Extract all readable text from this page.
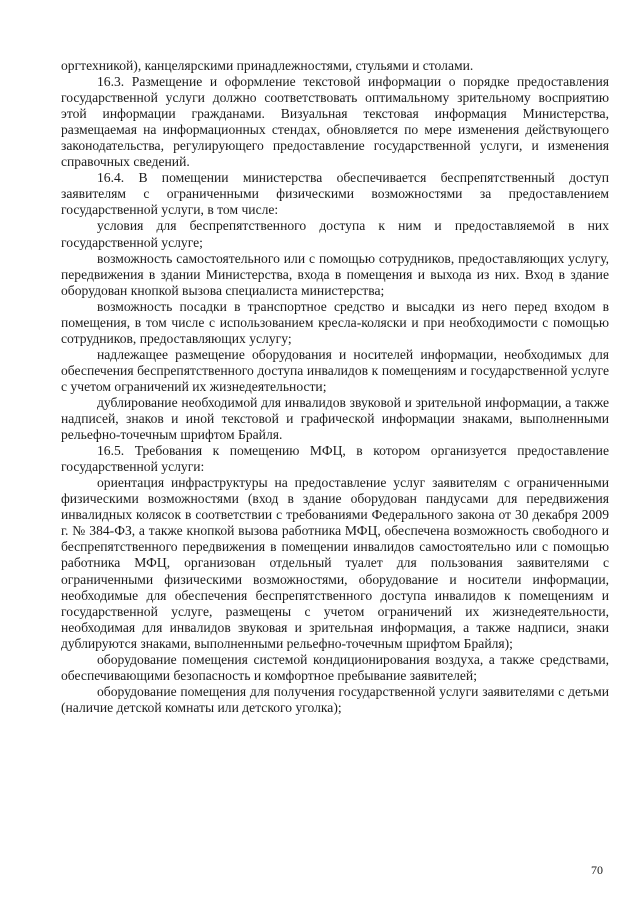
оргтехникой), канцелярскими принадлежностями, стульями и столами.

16.3. Размещение и оформление текстовой информации о порядке предоставления государственной услуги должно соответствовать оптимальному зрительному восприятию этой информации гражданами. Визуальная текстовая информация Министерства, размещаемая на информационных стендах, обновляется по мере изменения действующего законодательства, регулирующего предоставление государственной услуги, и изменения справочных сведений.

16.4. В помещении министерства обеспечивается беспрепятственный доступ заявителям с ограниченными физическими возможностями за предоставлением государственной услуги, в том числе:

условия для беспрепятственного доступа к ним и предоставляемой в них государственной услуге;

возможность самостоятельного или с помощью сотрудников, предоставляющих услугу, передвижения в здании Министерства, входа в помещения и выхода из них. Вход в здание оборудован кнопкой вызова специалиста министерства;

возможность посадки в транспортное средство и высадки из него перед входом в помещения, в том числе с использованием кресла-коляски и при необходимости с помощью сотрудников, предоставляющих услугу;

надлежащее размещение оборудования и носителей информации, необходимых для обеспечения беспрепятственного доступа инвалидов к помещениям и государственной услуге с учетом ограничений их жизнедеятельности;

дублирование необходимой для инвалидов звуковой и зрительной информации, а также надписей, знаков и иной текстовой и графической информации знаками, выполненными рельефно-точечным шрифтом Брайля.

16.5. Требования к помещению МФЦ, в котором организуется предоставление государственной услуги:

ориентация инфраструктуры на предоставление услуг заявителям с ограниченными физическими возможностями (вход в здание оборудован пандусами для передвижения инвалидных колясок в соответствии с требованиями Федерального закона от 30 декабря 2009 г. № 384-ФЗ, а также кнопкой вызова работника МФЦ, обеспечена возможность свободного и беспрепятственного передвижения в помещении инвалидов самостоятельно или с помощью работника МФЦ, организован отдельный туалет для пользования заявителями с ограниченными физическими возможностями, оборудование и носители информации, необходимые для обеспечения беспрепятственного доступа инвалидов к помещениям и государственной услуге, размещены с учетом ограничений их жизнедеятельности, необходимая для инвалидов звуковая и зрительная информация, а также надписи, знаки дублируются знаками, выполненными рельефно-точечным шрифтом Брайля);

оборудование помещения системой кондиционирования воздуха, а также средствами, обеспечивающими безопасность и комфортное пребывание заявителей;

оборудование помещения для получения государственной услуги заявителями с детьми (наличие детской комнаты или детского уголка);

70
